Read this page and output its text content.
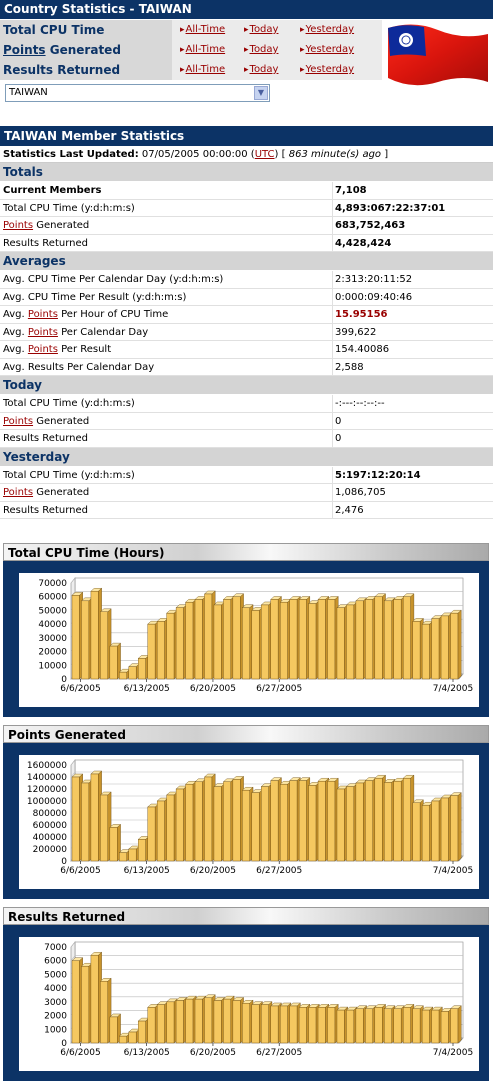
Country Statistics - TAIWAN
Total CPU Time	▸ All-Time	▸ Today	▸ Yesterday
Points Generated	▸ All-Time	▸ Today	▸ Yesterday
Results Returned	▸ All-Time	▸ Today	▸ Yesterday
TAIWAN	▼
TAIWAN Member Statistics
Statistics Last Updated: 07/05/2005 00:00:00 (UTC) [ 863 minute(s) ago ]
Totals
Current Members	7,108
Total CPU Time (y:d:h:m:s)	4,893:067:22:37:01
Points Generated	683,752,463
Results Returned	4,428,424
Averages
Avg. CPU Time Per Calendar Day (y:d:h:m:s)	2:313:20:11:52
Avg. CPU Time Per Result (y:d:h:m:s)	0:000:09:40:46
Avg. Points Per Hour of CPU Time	15.95156
Avg. Points Per Calendar Day	399,622
Avg. Points Per Result	154.40086
Avg. Results Per Calendar Day	2,588
Today
Total CPU Time (y:d:h:m:s)	-:---:--:--:--
Points Generated	0
Results Returned	0
Yesterday
Total CPU Time (y:d:h:m:s)	5:197:12:20:14
Points Generated	1,086,705
Results Returned	2,476
Total CPU Time (Hours)
0
10000
20000
30000
40000
50000
60000
70000
6/6/2005	6/13/2005 6/20/2005 6/27/2005	7/4/2005
Points Generated
0
200000
400000
600000
800000
1000000
1200000
1400000
1600000
6/6/2005	6/13/2005 6/20/2005 6/27/2005	7/4/2005
Results Returned
0
1000
2000
3000
4000
5000
6000
7000
6/6/2005	6/13/2005 6/20/2005 6/27/2005	7/4/2005
